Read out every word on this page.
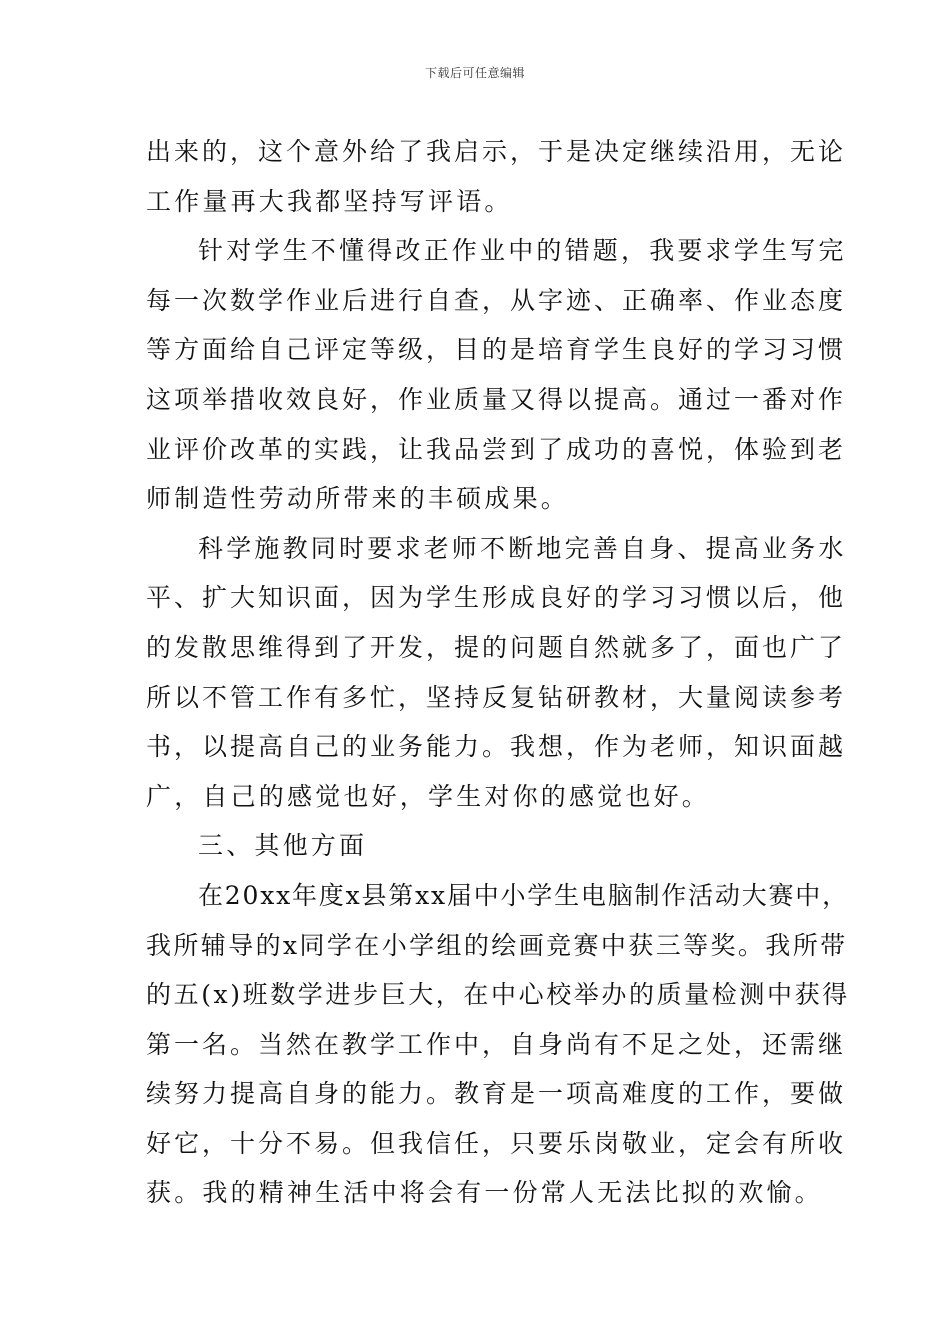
下载后可任意编辑
出来的，这个意外给了我启示，于是决定继续沿用，无论
工作量再大我都坚持写评语。
针对学生不懂得改正作业中的错题，我要求学生写完
每一次数学作业后进行自查，从字迹、正确率、作业态度
等方面给自己评定等级，目的是培育学生良好的学习习惯
这项举措收效良好，作业质量又得以提高。通过一番对作
业评价改革的实践，让我品尝到了成功的喜悦，体验到老
师制造性劳动所带来的丰硕成果。
科学施教同时要求老师不断地完善自身、提高业务水
平、扩大知识面，因为学生形成良好的学习习惯以后，他
的发散思维得到了开发，提的问题自然就多了，面也广了
所以不管工作有多忙，坚持反复钻研教材，大量阅读参考
书，以提高自己的业务能力。我想，作为老师，知识面越
广，自己的感觉也好，学生对你的感觉也好。
三、其他方面
在20xx年度x县第xx届中小学生电脑制作活动大赛中，
我所辅导的x同学在小学组的绘画竞赛中获三等奖。我所带
的五(x)班数学进步巨大，在中心校举办的质量检测中获得
第一名。当然在教学工作中，自身尚有不足之处，还需继
续努力提高自身的能力。教育是一项高难度的工作，要做
好它，十分不易。但我信任，只要乐岗敬业，定会有所收
获。我的精神生活中将会有一份常人无法比拟的欢愉。
